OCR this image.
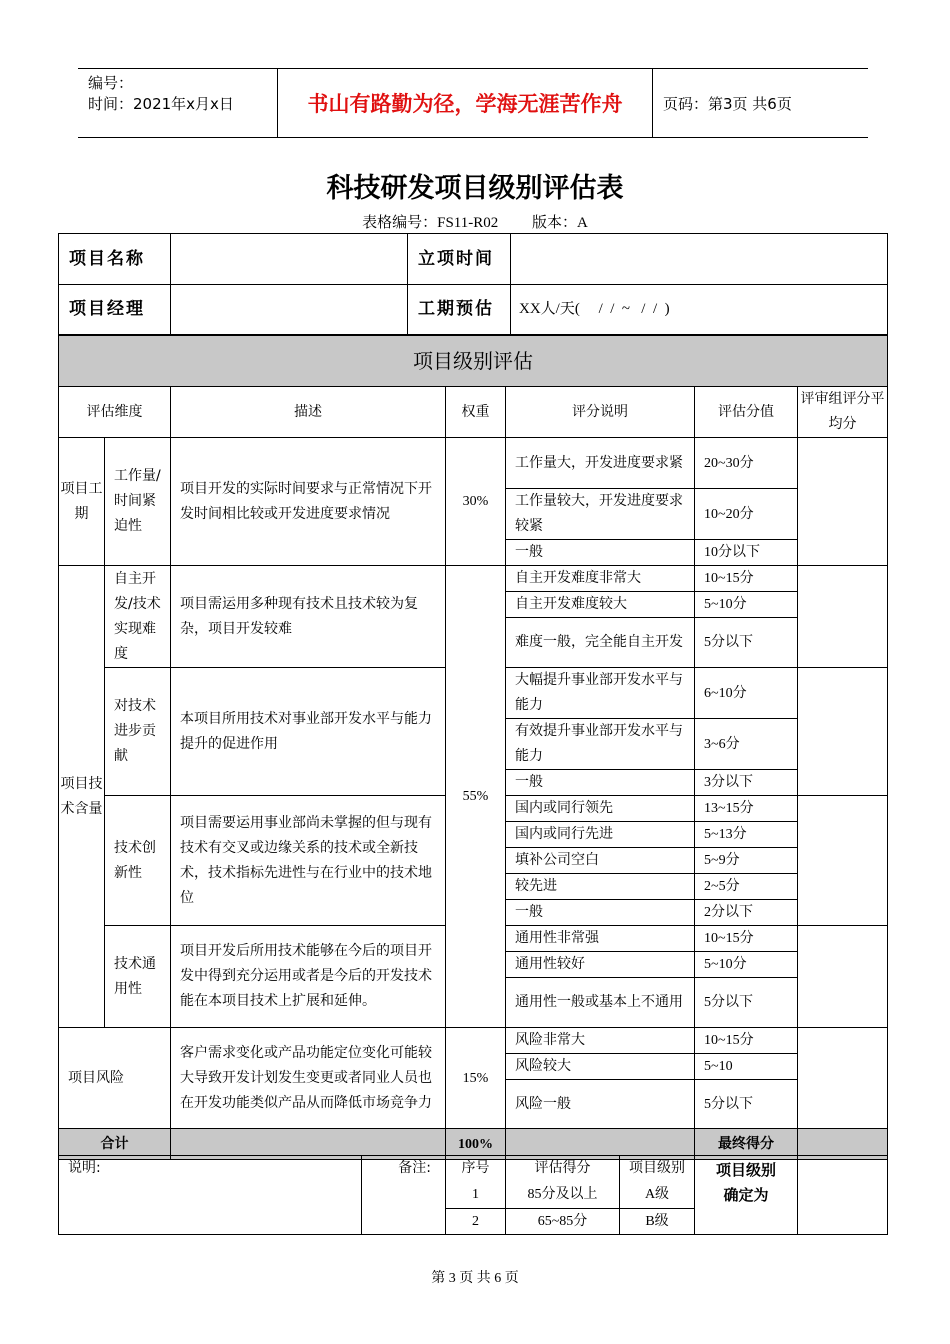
编号：
时间：2021年x月x日	书山有路勤为径，学海无涯苦作舟	页码：第3页 共6页
科技研发项目级别评估表
表格编号：FS11-R02 版本：A
项目名称		立项时间	
项目经理		工期预估	XX人/天(     /  /  ~   /  /  )
项目级别评估						
评估维度		描述	权重	评分说明	评估分值	评审组评分平均分
项目工期	工作量/时间紧迫性	项目开发的实际时间要求与正常情况下开发时间相比较或开发进度要求情况	30%	工作量大，开发进度要求紧	20~30分	
				工作量较大，开发进度要求较紧	10~20分	
				一般	10分以下	
项目技术含量	自主开发/技术实现难度	项目需运用多种现有技术且技术较为复杂，项目开发较难	55%	自主开发难度非常大	10~15分	
				自主开发难度较大	5~10分	
				难度一般，完全能自主开发	5分以下	
	对技术进步贡献	本项目所用技术对事业部开发水平与能力提升的促进作用		大幅提升事业部开发水平与能力	6~10分	
				有效提升事业部开发水平与能力	3~6分	
				一般	3分以下	
	技术创新性	项目需要运用事业部尚未掌握的但与现有技术有交叉或边缘关系的技术或全新技术，技术指标先进性与在行业中的技术地位		国内或同行领先	13~15分	
				国内或同行先进	5~13分	
				填补公司空白	5~9分	
				较先进	2~5分	
				一般	2分以下	
	技术通用性	项目开发后所用技术能够在今后的项目开发中得到充分运用或者是今后的开发技术能在本项目技术上扩展和延伸。		通用性非常强	10~15分	
				通用性较好	5~10分	
				通用性一般或基本上不通用	5分以下	
项目风险		客户需求变化或产品功能定位变化可能较大导致开发计划发生变更或者同业人员也在开发功能类似产品从而降低市场竞争力	15%	风险非常大	10~15分	
				风险较大	5~10	
				风险一般	5分以下	
合计			100%		最终得分	
说明:	备注:	序号	评估得分	项目级别	项目级别确定为	
		1	85分及以上	A级		
		2	65~85分	B级		
第 3 页 共 6 页
